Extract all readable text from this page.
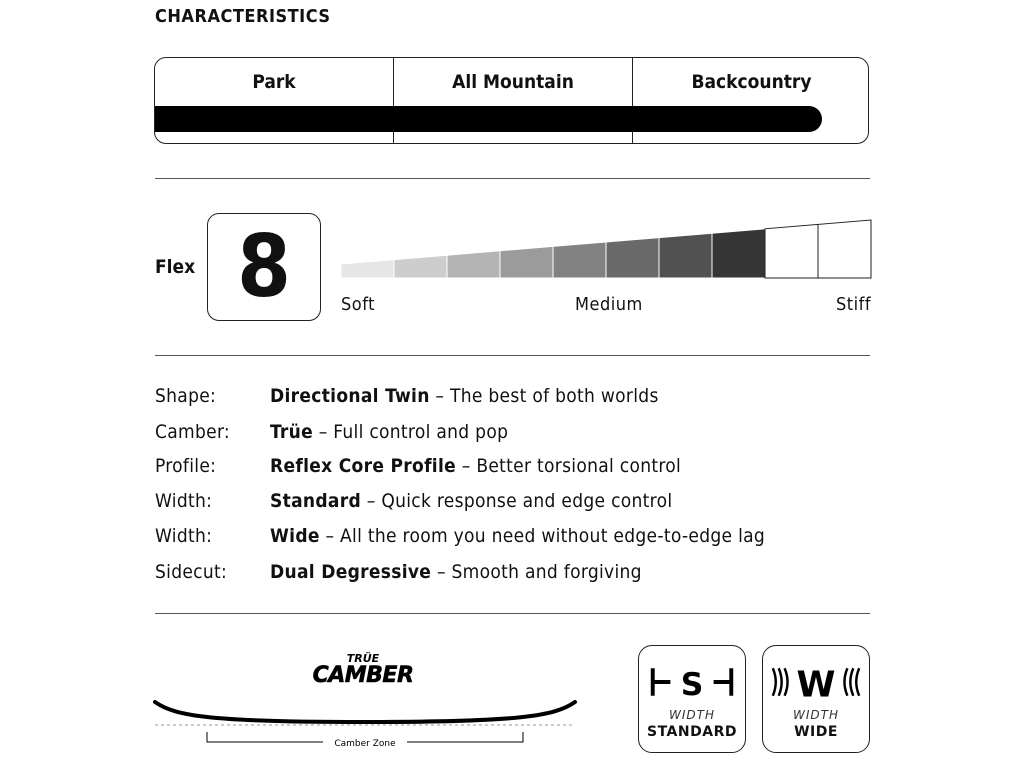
CHARACTERISTICS
Park	All Mountain	Backcountry
Flex 8	Soft	Medium	Stiff
Shape:	Directional Twin – The best of both worlds
Camber: Trüe – Full control and pop
Profile:	Reflex Core Profile – Better torsional control
Width:	Standard – Quick response and edge control
Width:	Wide – All the room you need without edge-to-edge lag
Sidecut: Dual Degressive – Smooth and forgiving
TRÜE
CAMBER
Camber Zone
S
WIDTH
STANDARD
W
WIDTH
WIDE
